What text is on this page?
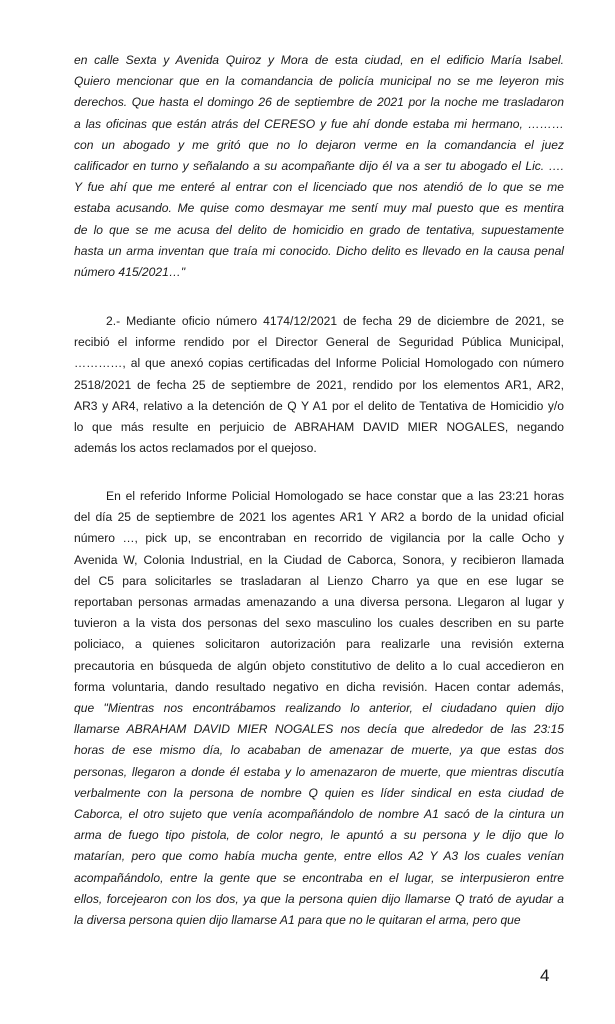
en calle Sexta y Avenida Quiroz y Mora de esta ciudad, en el edificio María Isabel.
Quiero mencionar que en la comandancia de policía municipal no se me leyeron mis
derechos. Que hasta el domingo 26 de septiembre de 2021 por la noche me trasladaron
a las oficinas que están atrás del CERESO y fue ahí donde estaba mi hermano, ………
con un abogado y me gritó que no lo dejaron verme en la comandancia el juez
calificador en turno y señalando a su acompañante dijo él va a ser tu abogado el Lic. ….
Y fue ahí que me enteré al entrar con el licenciado que nos atendió de lo que se me
estaba acusando. Me quise como desmayar me sentí muy mal puesto que es mentira
de lo que se me acusa del delito de homicidio en grado de tentativa, supuestamente
hasta un arma inventan que traía mi conocido. Dicho delito es llevado en la causa penal
número 415/2021…"
2.- Mediante oficio número 4174/12/2021 de fecha 29 de diciembre de 2021, se
recibió el informe rendido por el Director General de Seguridad Pública Municipal,
…………, al que anexó copias certificadas del Informe Policial Homologado con número
2518/2021 de fecha 25 de septiembre de 2021, rendido por los elementos AR1, AR2,
AR3 y AR4, relativo a la detención de Q Y A1 por el delito de Tentativa de Homicidio y/o
lo que más resulte en perjuicio de ABRAHAM DAVID MIER NOGALES, negando
además los actos reclamados por el quejoso.
En el referido Informe Policial Homologado se hace constar que a las 23:21 horas
del día 25 de septiembre de 2021 los agentes AR1 Y AR2 a bordo de la unidad oficial
número …, pick up, se encontraban en recorrido de vigilancia por la calle Ocho y
Avenida W, Colonia Industrial, en la Ciudad de Caborca, Sonora, y recibieron llamada
del C5 para solicitarles se trasladaran al Lienzo Charro ya que en ese lugar se
reportaban personas armadas amenazando a una diversa persona. Llegaron al lugar y
tuvieron a la vista dos personas del sexo masculino los cuales describen en su parte
policiaco, a quienes solicitaron autorización para realizarle una revisión externa
precautoria en búsqueda de algún objeto constitutivo de delito a lo cual accedieron en
forma voluntaria, dando resultado negativo en dicha revisión. Hacen contar además,
que "Mientras nos encontrábamos realizando lo anterior, el ciudadano quien dijo
llamarse ABRAHAM DAVID MIER NOGALES nos decía que alrededor de las 23:15
horas de ese mismo día, lo acababan de amenazar de muerte, ya que estas dos
personas, llegaron a donde él estaba y lo amenazaron de muerte, que mientras discutía
verbalmente con la persona de nombre Q quien es líder sindical en esta ciudad de
Caborca, el otro sujeto que venía acompañándolo de nombre A1 sacó de la cintura un
arma de fuego tipo pistola, de color negro, le apuntó a su persona y le dijo que lo
matarían, pero que como había mucha gente, entre ellos A2 Y A3 los cuales venían
acompañándolo, entre la gente que se encontraba en el lugar, se interpusieron entre
ellos, forcejearon con los dos, ya que la persona quien dijo llamarse Q trató de ayudar a
la diversa persona quien dijo llamarse A1 para que no le quitaran el arma, pero que
4
